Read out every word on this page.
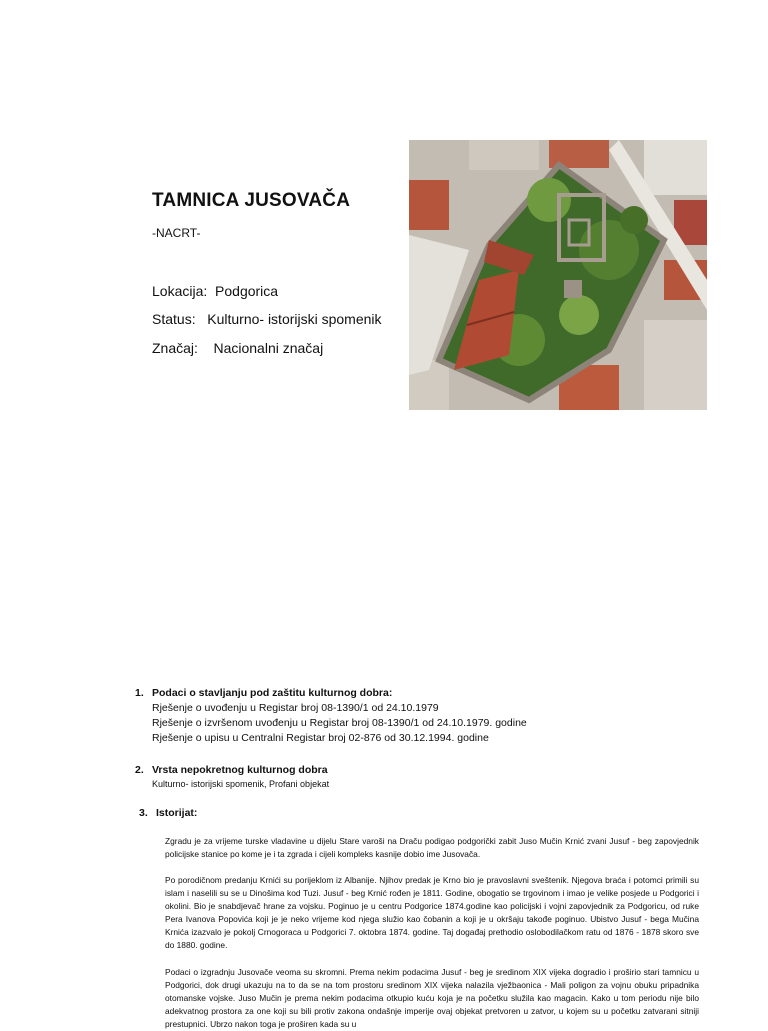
TAMNICA JUSOVAČA
-NACRT-
Lokacija:  Podgorica
Status:   Kulturno- istorijski spomenik
Značaj:    Nacionalni značaj
1. Podaci o stavljanju pod zaštitu kulturnog dobra:
Rješenje o uvođenju u Registar broj 08-1390/1 od 24.10.1979
Rješenje o izvršenom uvođenju u Registar broj 08-1390/1 od 24.10.1979. godine
Rješenje o upisu u Centralni Registar broj 02-876 od 30.12.1994. godine
2. Vrsta nepokretnog kulturnog dobra
Kulturno- istorijski spomenik, Profani objekat
3. Istorijat:
Zgradu je za vrijeme turske vladavine u dijelu Stare varoši na Draču podigao podgorički zabit Juso Mučin Krnić zvani Jusuf - beg zapovjednik policijske stanice po kome je i ta zgrada i cijeli kompleks kasnije dobio ime Jusovača.
Po porodičnom predanju Krnići su porijeklom iz Albanije. Njihov predak je Krno bio je pravoslavni sveštenik. Njegova braća i potomci primili su islam i naselili su se u Dinošima kod Tuzi. Jusuf - beg Krnić rođen je 1811. Godine, obogatio se trgovinom i imao je velike posjede u Podgorici i okolini. Bio je snabdjevač hrane za vojsku. Poginuo je u centru Podgorice 1874.godine kao policijski i vojni zapovjednik za Podgoricu, od ruke Pera Ivanova Popovića koji je je neko vrijeme kod njega služio kao čobanin a koji je u okršaju takođe poginuo. Ubistvo Jusuf - bega Mučina Krnića izazvalo je pokolj Crnogoraca u Podgorici 7. oktobra 1874. godine. Taj događaj prethodio oslobodilačkom ratu od 1876 - 1878 skoro sve do 1880. godine.
Podaci o izgradnju Jusovače veoma su skromni. Prema nekim podacima Jusuf - beg je sredinom XIX vijeka dogradio i proširio stari tamnicu u Podgorici, dok drugi ukazuju na to da se na tom prostoru sredinom XIX vijeka nalazila vježbaonica - Mali poligon za vojnu obuku pripadnika otomanske vojske. Juso Mučin je prema nekim podacima otkupio kuću koja je na početku služila kao magacin. Kako u tom periodu nije bilo adekvatnog prostora za one koji su bili protiv zakona ondašnje imperije ovaj objekat pretvoren u zatvor, u kojem su u početku zatvarani sitniji prestupnici. Ubrzo nakon toga je proširen kada su u
